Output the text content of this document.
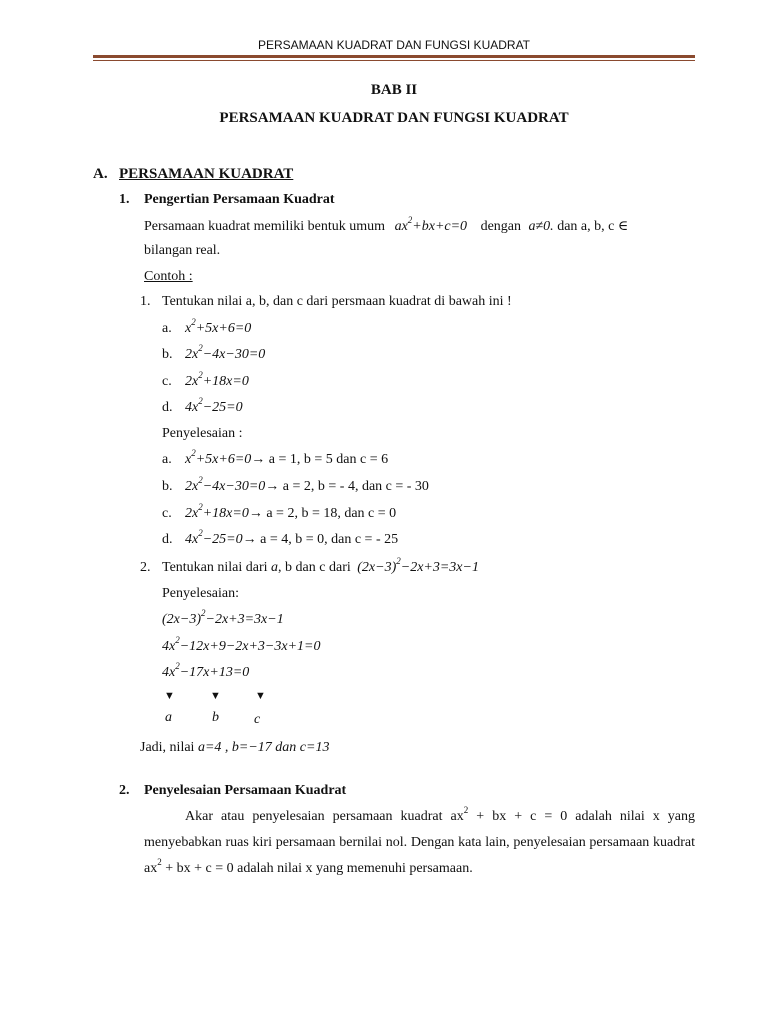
PERSAMAAN KUADRAT DAN FUNGSI KUADRAT
BAB II
PERSAMAAN KUADRAT DAN FUNGSI KUADRAT
A. PERSAMAAN KUADRAT
1. Pengertian Persamaan Kuadrat
Persamaan kuadrat memiliki bentuk umum $ax^2+bx+c=0$ dengan a≠0. dan a, b, c ∈
bilangan real.
Contoh :
1. Tentukan nilai a, b, dan c dari persmaan kuadrat di bawah ini !
a. $x^2+5x+6=0$
b. $2x^2-4x-30=0$
c. $2x^2+18x=0$
d. $4x^2-25=0$
Penyelesaian :
a. $x^2+5x+6=0\to a = 1$, b = 5 dan c = 6
b. $2x^2-4x-30=0\to a = 2$, b = - 4, dan c = - 30
c. $2x^2+18x=0\to a = 2$, b = 18, dan c = 0
d. $4x^2-25=0\to a = 4$, b = 0, dan c = - 25
2. Tentukan nilai dari a, b dan c dari $(2x-3)^2-2x+3=3x-1$
Penyelesaian:
$(2x-3)^2-2x+3=3x-1$
$4x^2-12x+9-2x+3-3x+1=0$
$4x^2-17x+13=0$
▼	▼	▼
a	b	c
Jadi, nilai a=4 , b=−17 dan c=13
2. Penyelesaian Persamaan Kuadrat
Akar atau penyelesaian persamaan kuadrat $ax^2$ + bx + c = 0 adalah nilai x yang menyebabkan ruas kiri persamaan bernilai nol. Dengan kata lain, penyelesaian persamaan kuadrat $ax^2$ + bx + c = 0 adalah nilai x yang memenuhi persamaan.
